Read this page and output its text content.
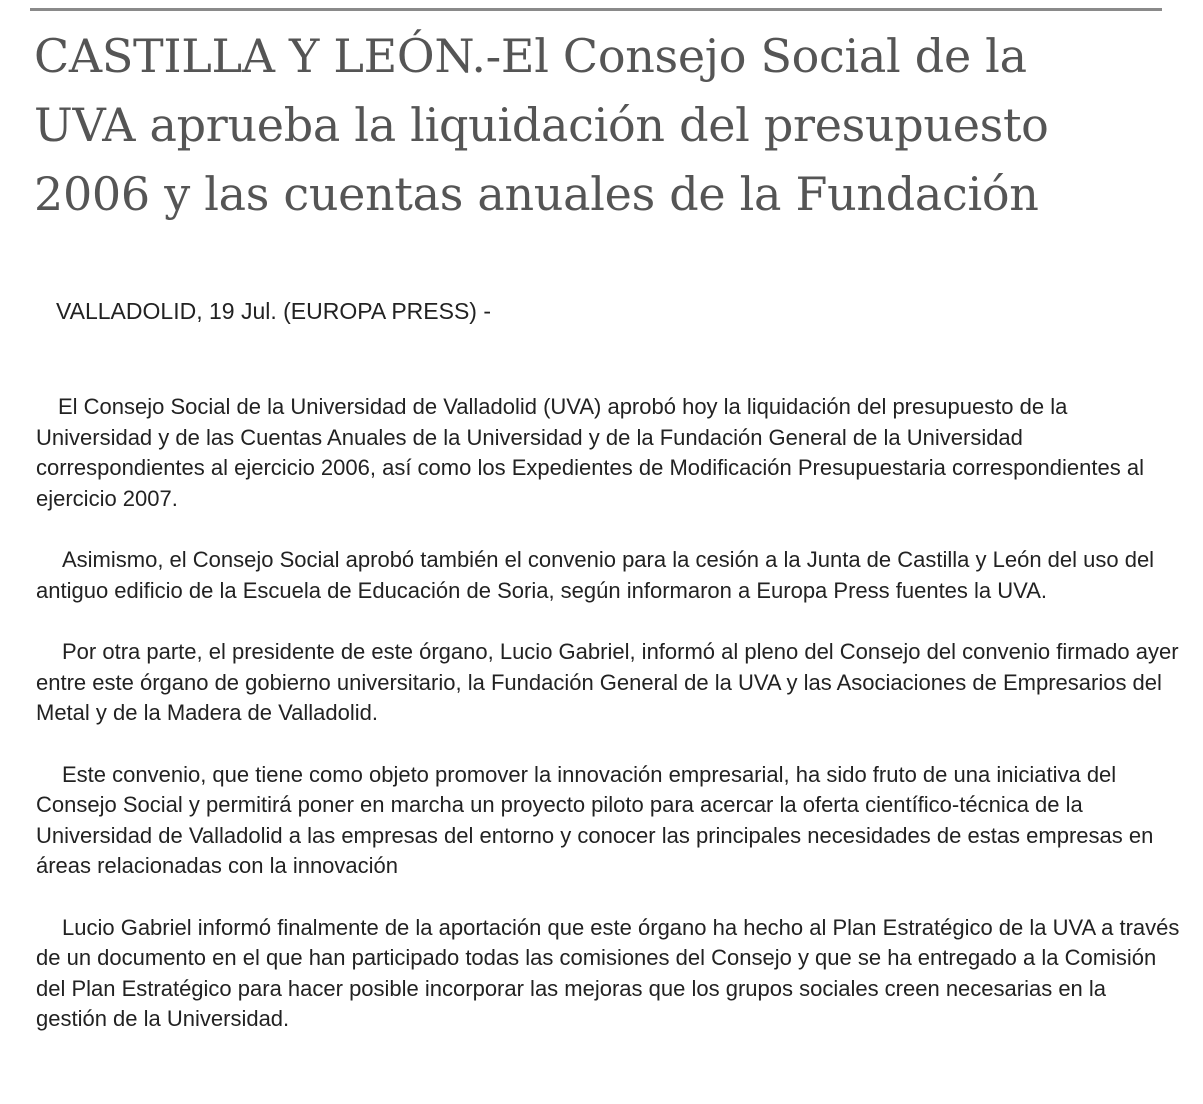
CASTILLA Y LEÓN.-El Consejo Social de la
UVA aprueba la liquidación del presupuesto
2006 y las cuentas anuales de la Fundación

VALLADOLID, 19 Jul. (EUROPA PRESS) -

El Consejo Social de la Universidad de Valladolid (UVA) aprobó hoy la liquidación del presupuesto de la Universidad y de las Cuentas Anuales de la Universidad y de la Fundación General de la Universidad correspondientes al ejercicio 2006, así como los Expedientes de Modificación Presupuestaria correspondientes al ejercicio 2007.

Asimismo, el Consejo Social aprobó también el convenio para la cesión a la Junta de Castilla y León del uso del antiguo edificio de la Escuela de Educación de Soria, según informaron a Europa Press fuentes la UVA.

Por otra parte, el presidente de este órgano, Lucio Gabriel, informó al pleno del Consejo del convenio firmado ayer entre este órgano de gobierno universitario, la Fundación General de la UVA y las Asociaciones de Empresarios del Metal y de la Madera de Valladolid.

Este convenio, que tiene como objeto promover la innovación empresarial, ha sido fruto de una iniciativa del Consejo Social y permitirá poner en marcha un proyecto piloto para acercar la oferta científico-técnica de la Universidad de Valladolid a las empresas del entorno y conocer las principales necesidades de estas empresas en áreas relacionadas con la innovación

Lucio Gabriel informó finalmente de la aportación que este órgano ha hecho al Plan Estratégico de la UVA a través de un documento en el que han participado todas las comisiones del Consejo y que se ha entregado a la Comisión del Plan Estratégico para hacer posible incorporar las mejoras que los grupos sociales creen necesarias en la gestión de la Universidad.
